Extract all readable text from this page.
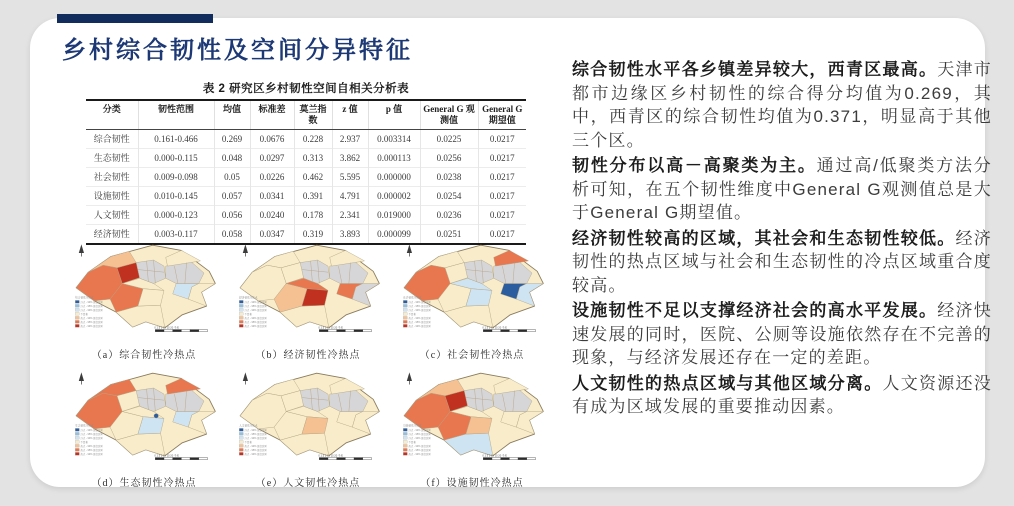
乡村综合韧性及空间分异特征
表 2 研究区乡村韧性空间自相关分析表
分类	韧性范围	均值	标准差	莫兰指数	z 值	p 值	General G 观测值	General G 期望值
综合韧性	0.161-0.466	0.269	0.0676	0.228	2.937	0.003314	0.0225	0.0217
生态韧性	0.000-0.115	0.048	0.0297	0.313	3.862	0.000113	0.0256	0.0217
社会韧性	0.009-0.098	0.05	0.0226	0.462	5.595	0.000000	0.0238	0.0217
设施韧性	0.010-0.145	0.057	0.0341	0.391	4.791	0.000002	0.0254	0.0217
人文韧性	0.000-0.123	0.056	0.0240	0.178	2.341	0.019000	0.0236	0.0217
经济韧性	0.003-0.117	0.058	0.0347	0.319	3.893	0.000099	0.0251	0.0217
综合韧性冷热点
冷点 - 99% 置信区间
冷点 - 95% 置信区间
冷点 - 90% 置信区间
不显著
热点 - 90% 置信区间
热点 - 95% 置信区间
热点 - 99% 置信区间	0 2.5 5 10 15 20 千米
（a）综合韧性冷热点
经济韧性冷热点
冷点 - 99% 置信区间
冷点 - 95% 置信区间
冷点 - 90% 置信区间
不显著
热点 - 90% 置信区间
热点 - 95% 置信区间
热点 - 99% 置信区间	0 2.5 5 10 15 20 千米
（b）经济韧性冷热点
社会韧性冷热点
冷点 - 99% 置信区间
冷点 - 95% 置信区间
冷点 - 90% 置信区间
不显著
热点 - 90% 置信区间
热点 - 95% 置信区间
热点 - 99% 置信区间	0 2.5 5 10 15 20 千米
（c）社会韧性冷热点
生态韧性冷热点
冷点 - 99% 置信区间
冷点 - 95% 置信区间
冷点 - 90% 置信区间
不显著
热点 - 90% 置信区间
热点 - 95% 置信区间
热点 - 99% 置信区间	0 2.5 5 10 15 20 千米
（d）生态韧性冷热点
人文韧性冷热点
冷点 - 99% 置信区间
冷点 - 95% 置信区间
冷点 - 90% 置信区间
不显著
热点 - 90% 置信区间
热点 - 95% 置信区间
热点 - 99% 置信区间	0 2.5 5 10 15 20 千米
（e）人文韧性冷热点
设施韧性冷热点
冷点 - 99% 置信区间
冷点 - 95% 置信区间
冷点 - 90% 置信区间
不显著
热点 - 90% 置信区间
热点 - 95% 置信区间
热点 - 99% 置信区间	0 2.5 5 10 15 20 千米
（f）设施韧性冷热点

综合韧性水平各乡镇差异较大，西青区最高。天津市都市边缘区乡村韧性的综合得分均值为0.269，其中，西青区的综合韧性均值为0.371，明显高于其他三个区。

韧性分布以高－高聚类为主。通过高/低聚类方法分析可知，在五个韧性维度中General G观测值总是大于General G期望值。

经济韧性较高的区域，其社会和生态韧性较低。经济韧性的热点区域与社会和生态韧性的冷点区域重合度较高。

设施韧性不足以支撑经济社会的高水平发展。经济快速发展的同时，医院、公厕等设施依然存在不完善的现象，与经济发展还存在一定的差距。

人文韧性的热点区域与其他区域分离。人文资源还没有成为区域发展的重要推动因素。
